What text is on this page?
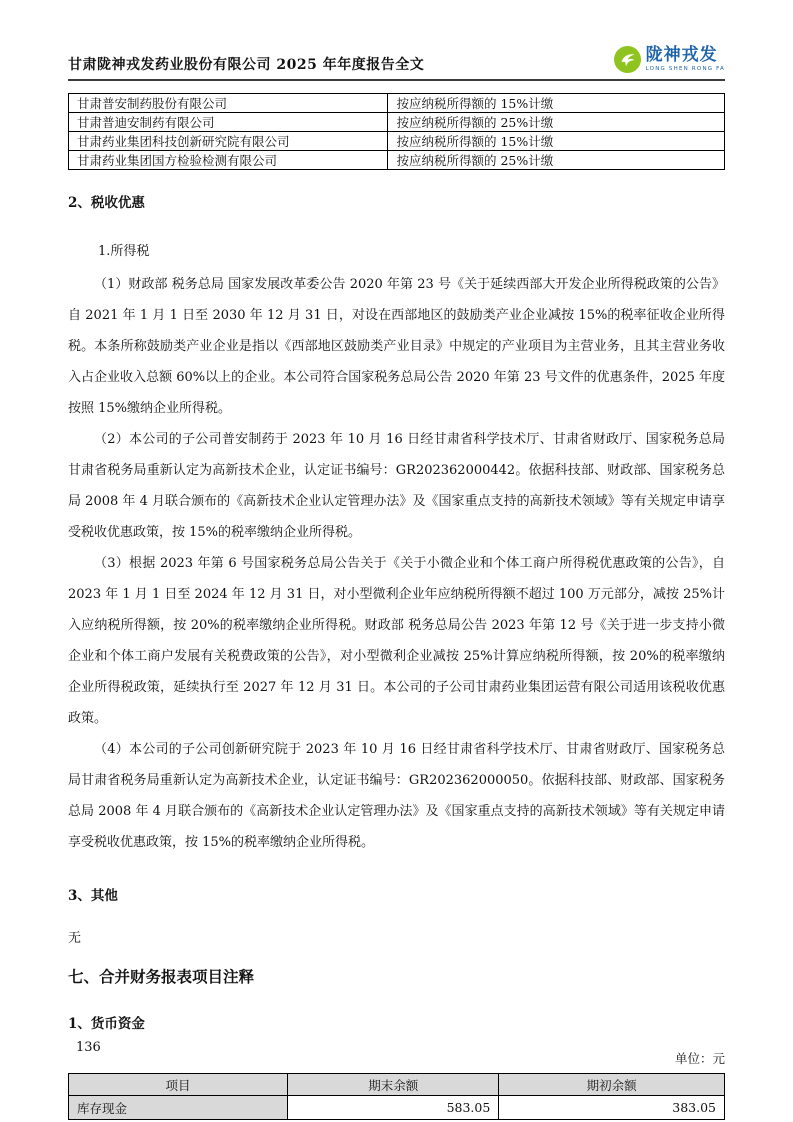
甘肃陇神戎发药业股份有限公司 2025 年年度报告全文
陇神戎发
LONG SHEN RONG FA
甘肃普安制药股份有限公司	按应纳税所得额的 15%计缴
甘肃普迪安制药有限公司	按应纳税所得额的 25%计缴
甘肃药业集团科技创新研究院有限公司	按应纳税所得额的 15%计缴
甘肃药业集团国方检验检测有限公司	按应纳税所得额的 25%计缴
2、税收优惠
1.所得税

（1）财政部 税务总局 国家发展改革委公告 2020 年第 23 号《关于延续西部大开发企业所得税政策的公告》自 2021 年 1 月 1 日至 2030 年 12 月 31 日，对设在西部地区的鼓励类产业企业减按 15%的税率征收企业所得税。本条所称鼓励类产业企业是指以《西部地区鼓励类产业目录》中规定的产业项目为主营业务，且其主营业务收入占企业收入总额 60%以上的企业。本公司符合国家税务总局公告 2020 年第 23 号文件的优惠条件，2025 年度按照 15%缴纳企业所得税。

（2）本公司的子公司普安制药于 2023 年 10 月 16 日经甘肃省科学技术厅、甘肃省财政厅、国家税务总局甘肃省税务局重新认定为高新技术企业，认定证书编号：GR202362000442。依据科技部、财政部、国家税务总局 2008 年 4 月联合颁布的《高新技术企业认定管理办法》及《国家重点支持的高新技术领域》等有关规定申请享受税收优惠政策，按 15%的税率缴纳企业所得税。

（3）根据 2023 年第 6 号国家税务总局公告关于《关于小微企业和个体工商户所得税优惠政策的公告》，自 2023 年 1 月 1 日至 2024 年 12 月 31 日，对小型微利企业年应纳税所得额不超过 100 万元部分，减按 25%计入应纳税所得额，按 20%的税率缴纳企业所得税。财政部 税务总局公告 2023 年第 12 号《关于进一步支持小微企业和个体工商户发展有关税费政策的公告》，对小型微利企业减按 25%计算应纳税所得额，按 20%的税率缴纳企业所得税政策，延续执行至 2027 年 12 月 31 日。本公司的子公司甘肃药业集团运营有限公司适用该税收优惠政策。

（4）本公司的子公司创新研究院于 2023 年 10 月 16 日经甘肃省科学技术厅、甘肃省财政厅、国家税务总局甘肃省税务局重新认定为高新技术企业，认定证书编号：GR202362000050。依据科技部、财政部、国家税务总局 2008 年 4 月联合颁布的《高新技术企业认定管理办法》及《国家重点支持的高新技术领域》等有关规定申请享受税收优惠政策，按 15%的税率缴纳企业所得税。

3、其他
无
七、合并财务报表项目注释
1、货币资金
单位：元
项目	期末余额	期初余额
库存现金	583.05	383.05
136
